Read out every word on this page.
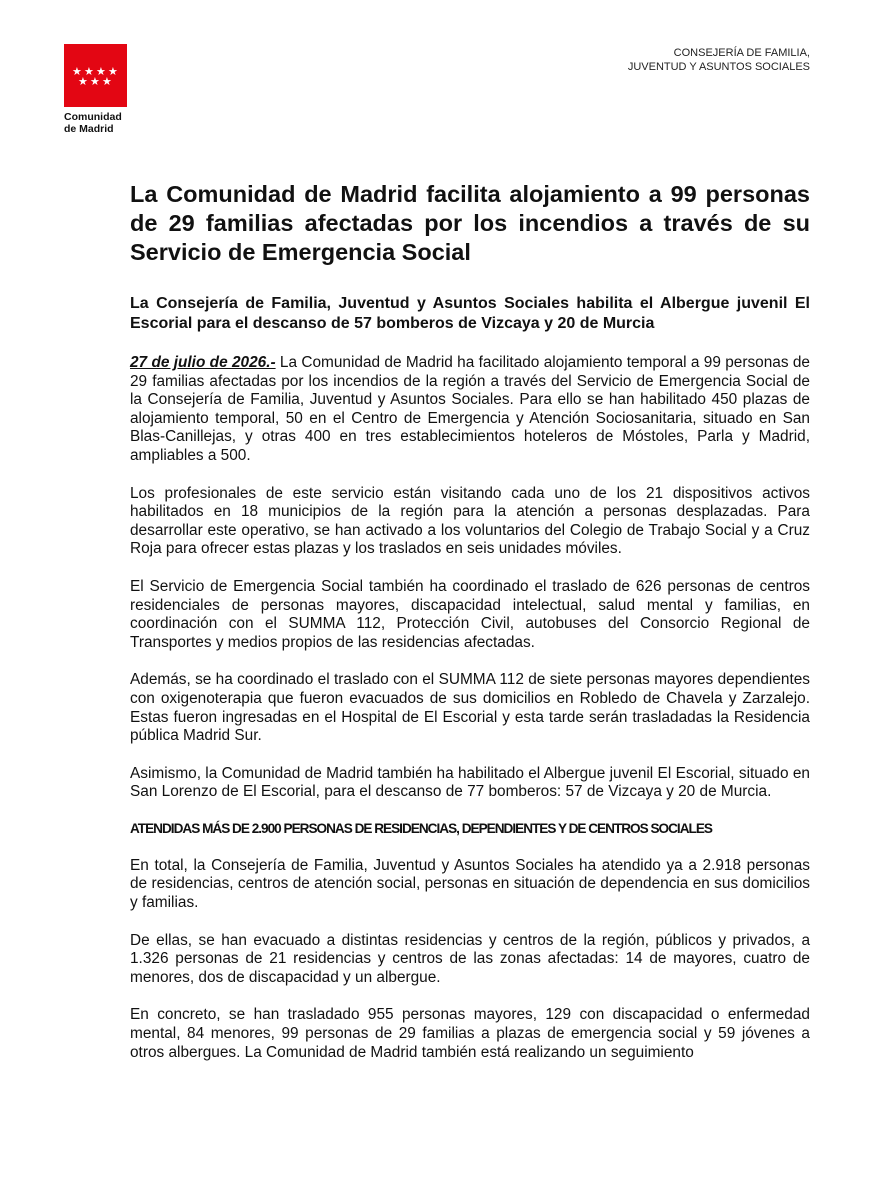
★ ★ ★ ★
★ ★ ★
Comunidad
de Madrid
CONSEJERÍA DE FAMILIA,
JUVENTUD Y ASUNTOS SOCIALES
La Comunidad de Madrid facilita alojamiento a 99 personas de 29 familias afectadas por los incendios a través de su Servicio de Emergencia Social
La Consejería de Familia, Juventud y Asuntos Sociales habilita el Albergue juvenil El Escorial para el descanso de 57 bomberos de Vizcaya y 20 de Murcia

27 de julio de 2026.- La Comunidad de Madrid ha facilitado alojamiento temporal a 99 personas de 29 familias afectadas por los incendios de la región a través del Servicio de Emergencia Social de la Consejería de Familia, Juventud y Asuntos Sociales. Para ello se han habilitado 450 plazas de alojamiento temporal, 50 en el Centro de Emergencia y Atención Sociosanitaria, situado en San Blas-Canillejas, y otras 400 en tres establecimientos hoteleros de Móstoles, Parla y Madrid, ampliables a 500.

Los profesionales de este servicio están visitando cada uno de los 21 dispositivos activos habilitados en 18 municipios de la región para la atención a personas desplazadas. Para desarrollar este operativo, se han activado a los voluntarios del Colegio de Trabajo Social y a Cruz Roja para ofrecer estas plazas y los traslados en seis unidades móviles.

El Servicio de Emergencia Social también ha coordinado el traslado de 626 personas de centros residenciales de personas mayores, discapacidad intelectual, salud mental y familias, en coordinación con el SUMMA 112, Protección Civil, autobuses del Consorcio Regional de Transportes y medios propios de las residencias afectadas.

Además, se ha coordinado el traslado con el SUMMA 112 de siete personas mayores dependientes con oxigenoterapia que fueron evacuados de sus domicilios en Robledo de Chavela y Zarzalejo. Estas fueron ingresadas en el Hospital de El Escorial y esta tarde serán trasladadas la Residencia pública Madrid Sur.

Asimismo, la Comunidad de Madrid también ha habilitado el Albergue juvenil El Escorial, situado en San Lorenzo de El Escorial, para el descanso de 77 bomberos: 57 de Vizcaya y 20 de Murcia.

ATENDIDAS MÁS DE 2.900 PERSONAS DE RESIDENCIAS, DEPENDIENTES Y DE CENTROS SOCIALES

En total, la Consejería de Familia, Juventud y Asuntos Sociales ha atendido ya a 2.918 personas de residencias, centros de atención social, personas en situación de dependencia en sus domicilios y familias.

De ellas, se han evacuado a distintas residencias y centros de la región, públicos y privados, a 1.326 personas de 21 residencias y centros de las zonas afectadas: 14 de mayores, cuatro de menores, dos de discapacidad y un albergue.

En concreto, se han trasladado 955 personas mayores, 129 con discapacidad o enfermedad mental, 84 menores, 99 personas de 29 familias a plazas de emergencia social y 59 jóvenes a otros albergues. La Comunidad de Madrid también está realizando un seguimiento
